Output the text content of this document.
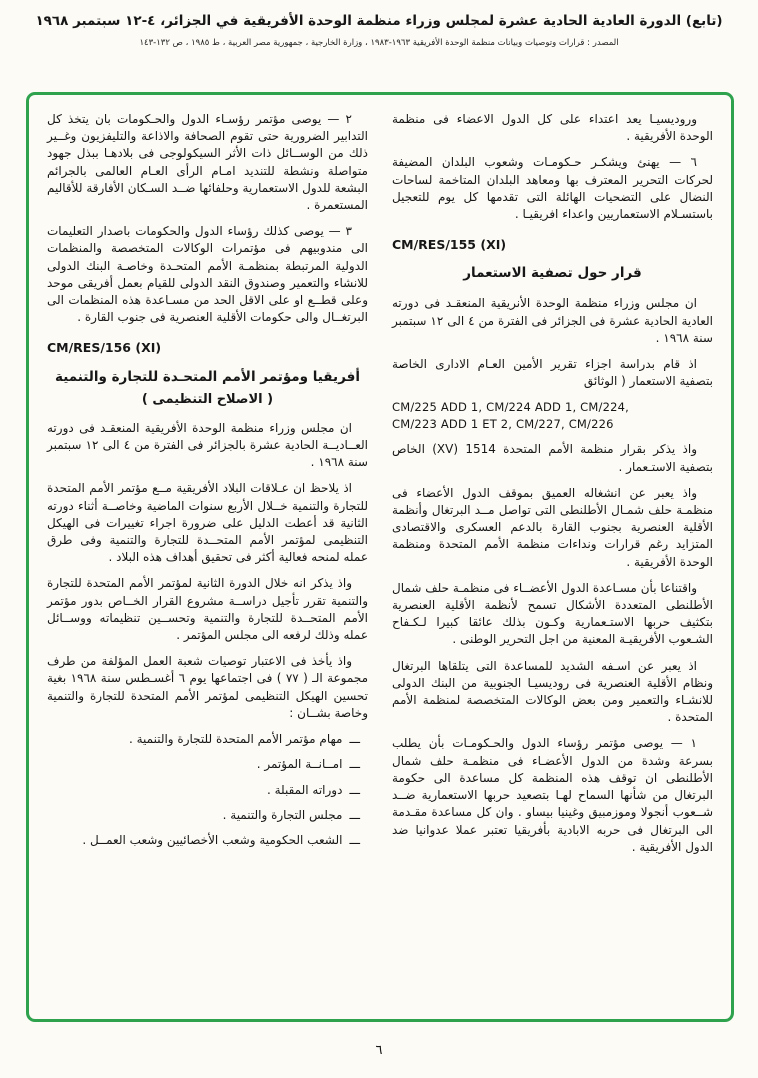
(تابع) الدورة العادية الحادية عشرة لمجلس وزراء منظمة الوحدة الأفريقية في الجزائر، ٤-١٢ سبتمبر ١٩٦٨
المصدر : قرارات وتوصيات وبيانات منظمة الوحدة الأفريقية ١٩٦٣-١٩٨٣ ، وزارة الخارجية ، جمهورية مصر العربية ، ط ١٩٨٥ ، ص ١٣٢-١٤٣

وروديسيـا يعد اعتداء على كل الدول الاعضاء فى منظمة الوحدة الأفريقية .

٦ — يهنئ ويشكـر حـكومـات وشعوب البلدان المضيفة لحركات التحرير المعترف بها ومعاهد البلدان المتاخمة لساحات النضال على التضحيات الهائلة التى تقدمها كل يوم للتعجيل باستسـلام الاستعماريين واعداء افريقيـا .

CM/RES/155 (XI)
قرار حول تصفية الاستعمار

ان مجلس وزراء منظمة الوحدة الأنريقية المنعقـد فى دورته العادية الحادية عشرة فى الجزائر فى الفترة من ٤ الى ١٢ سبتمبر سنة ١٩٦٨ .

اذ قام بدراسة اجزاء تقرير الأمين العـام الادارى الخاصة بتصفية الاستعمار ( الوثائق

CM/225 ADD 1, CM/224 ADD 1, CM/224,
CM/223 ADD 1 ET 2, CM/227, CM/226

واذ يذكر بقرار منظمة الأمم المتحدة 1514 (XV) الخاص بتصفية الاستـعمار .

واذ يعبر عن انشغاله العميق بموقف الدول الأعضاء فى منظمـة حلف شمـال الأطلنطى التى تواصل مــد البرتغال وأنظمة الأقلية العنصرية بجنوب القارة بالدعم العسكرى والاقتصادى المتزايد رغم قرارات ونداءات منظمة الأمم المتحدة ومنظمة الوحدة الأفريقية .

واقتناعا بأن مسـاعدة الدول الأعضــاء فى منظمـة حلف شمال الأطلنطى المتعددة الأشكال تسمح لأنظمة الأقلية العنصرية بتكثيف حربها الاستـعمارية وكـون بذلك عائقا كبيرا لـكـفاح الشـعوب الأفريقيـة المعنية من اجل التحرير الوطنى .

اذ يعبر عن اسـفه الشديد للمساعدة التى يتلقاها البرتغال ونظام الأقلية العنصرية فى روديسيـا الجنوبية من البنك الدولى للانشـاء والتعمير ومن بعض الوكالات المتخصصة لمنظمة الأمم المتحدة .

١ — يوصى مؤتمر رؤساء الدول والحـكومـات بأن يطلب بسرعة وشدة من الدول الأعضـاء فى منظمـة حلف شمال الأطلنطى ان توقف هذه المنظمة كل مساعدة الى حكومة البرتغال من شأنها السماح لهـا بتصعيد حربها الاستعمارية ضــد شــعوب أنجولا وموزمبيق وغينيا بيساو . وان كل مساعدة مقـدمة الى البرتغال فى حربه الابادية بأفريقيا تعتبر عملا عدوانيا ضد الدول الأفريقية .

٢ — يوصى مؤتمر رؤسـاء الدول والحـكومات بان يتخذ كل التدابير الضرورية حتى تقوم الصحافة والاذاعة والتليفزيون وغــير ذلك من الوســائل ذات الأثر السيكولوجى فى بلادهـا ببذل جهود متواصلة ونشطة للتنديد امـام الرأى العـام العالمى بالجرائم البشعة للدول الاستعمارية وحلفائها ضــد السـكان الأفارقة للأقاليم المستعمرة .

٣ — يوصى كذلك رؤساء الدول والحكومات باصدار التعليمات الى مندوبيهم فى مؤتمرات الوكالات المتخصصة والمنظمات الدولية المرتبطة بمنظمـة الأمم المتحـدة وخاصـة البنك الدولى للانشاء والتعمير وصندوق النقد الدولى للقيام بعمل أفريقى موحد وعلى قطــع او على الاقل الحد من مسـاعدة هذه المنظمات الى البرتغــال والى حكومات الأقلية العنصرية فى جنوب القارة .

CM/RES/156 (XI)
أفريقيا ومؤتمر الأمم المتحـدة للتجارة والتنمية
( الاصلاح التنظيمى )

ان مجلس وزراء منظمة الوحدة الأفريقية المنعقـد فى دورته العــاديــة الحادية عشرة بالجزائر فى الفترة من ٤ الى ١٢ سبتمبر سنة ١٩٦٨ .

اذ يلاحظ ان عـلاقات البلاد الأفريقية مــع مؤتمر الأمم المتحدة للتجارة والتنمية خــلال الأربع سنوات الماضية وخاصــة أثناء دورته الثانية قد أعطت الدليل على ضرورة اجراء تغييرات فى الهيكل التنظيمى لمؤتمر الأمم المتحــدة للتجارة والتنمية وفى طرق عمله لمنحه فعالية أكثر فى تحقيق أهداف هذه البلاد .

واذ يذكر انه خلال الدورة الثانية لمؤتمر الأمم المتحدة للتجارة والتنمية تقرر تأجيل دراســة مشروع القرار الخــاص بدور مؤتمر الأمم المتحــدة للتجارة والتنمية وتحســين تنظيماته ووســائل عمله وذلك لرفعه الى مجلس المؤتمر .

واذ يأخذ فى الاعتبار توصيات شعبة العمل المؤلفة من طرف مجموعة الـ ( ٧٧ ) فى اجتماعها يوم ٦ أغسـطس سنة ١٩٦٨ بغية تحسين الهيكل التنظيمى لمؤتمر الأمم المتحدة للتجارة والتنمية وخاصة بشــان :

ـــ
مهام مؤتمر الأمم المتحدة للتجارة والتنمية .
ـــ
امــانــة المؤتمر .
ـــ
دوراته المقبلة .
ـــ
مجلس التجارة والتنمية .
ـــ
الشعب الحكومية وشعب الأخصائيين وشعب العمــل .
٦
